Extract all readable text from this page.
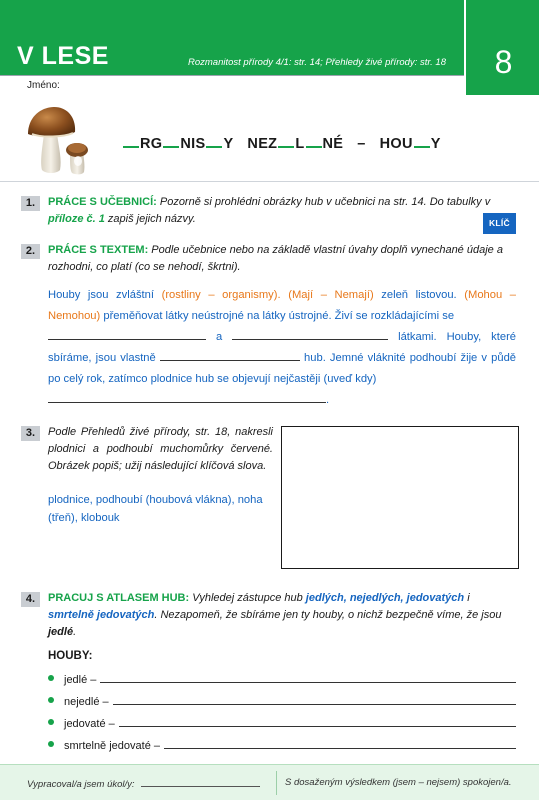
V LESE	Rozmanitost přírody 4/1: str. 14; Přehledy živé přírody: str. 18	8
Jméno:
RG NIS Y NEZ L NÉ – HOU Y
1.	PRÁCE S UČEBNICÍ: Pozorně si prohlédni obrázky hub v učebnici na str. 14. Do tabulky v příloze č. 1 zapiš jejich názvy.	KLÍČ
2.	PRÁCE S TEXTEM: Podle učebnice nebo na základě vlastní úvahy doplň vynechané údaje a rozhodni, co platí (co se nehodí, škrtni).
Houby jsou zvláštní (rostliny – organismy). (Mají – Nemají) zeleň listovou. (Mohou – Nemohou) přeměňovat látky neústrojné na látky ústrojné. Živí se rozkládajícími se
a	látkami. Houby, které sbíráme, jsou vlastně	hub. Jemné vláknité podhoubí žije v půdě po celý rok, zatímco plodnice hub se objevují nejčastěji (uveď kdy)
.
3.	Podle Přehledů živé přírody, str. 18, nakresli plodnici a podhoubí muchomůrky červené. Obrázek popiš; užij následující klíčová slova.
plodnice, podhoubí (houbová vlákna), noha (třeň), klobouk
4.	PRACUJ S ATLASEM HUB: Vyhledej zástupce hub jedlých, nejedlých, jedovatých i smrtelně jedovatých. Nezapomeň, že sbíráme jen ty houby, o nichž bezpečně víme, že jsou jedlé.
HOUBY:
jedlé –
nejedlé –
jedovaté –
smrtelně jedovaté –
Vypracoval/a jsem úkol/y:	.	S dosaženým výsledkem (jsem – nejsem) spokojen/a.
